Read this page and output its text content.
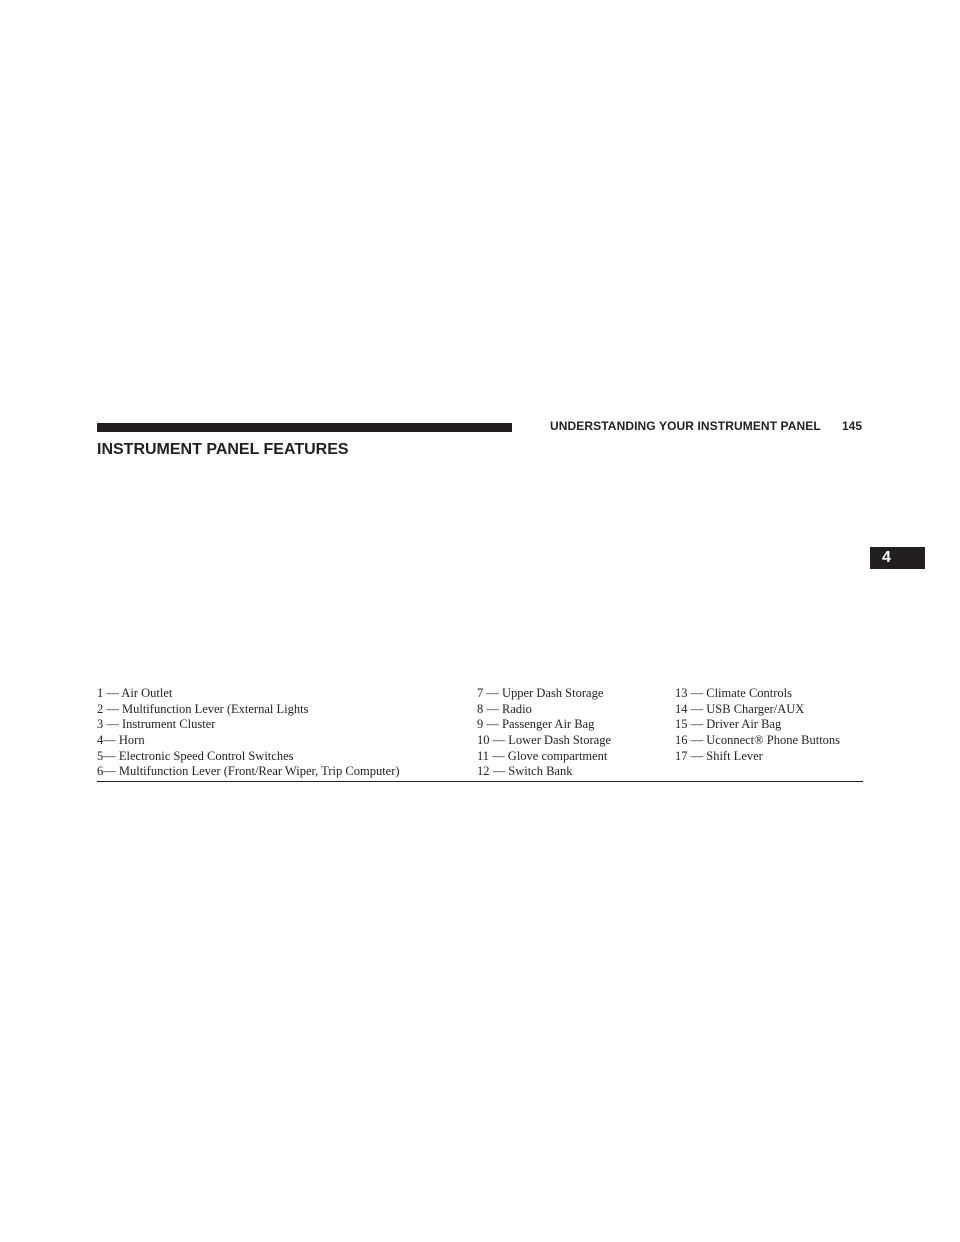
UNDERSTANDING YOUR INSTRUMENT PANEL 145
INSTRUMENT PANEL FEATURES
4
1 — Air Outlet
2 — Multifunction Lever (External Lights
3 — Instrument Cluster
4— Horn
5— Electronic Speed Control Switches
6— Multifunction Lever (Front/Rear Wiper, Trip Computer)
7 — Upper Dash Storage
8 — Radio
9 — Passenger Air Bag
10 — Lower Dash Storage
11 — Glove compartment
12 — Switch Bank
13 — Climate Controls
14 — USB Charger/AUX
15 — Driver Air Bag
16 — Uconnect® Phone Buttons
17 — Shift Lever
